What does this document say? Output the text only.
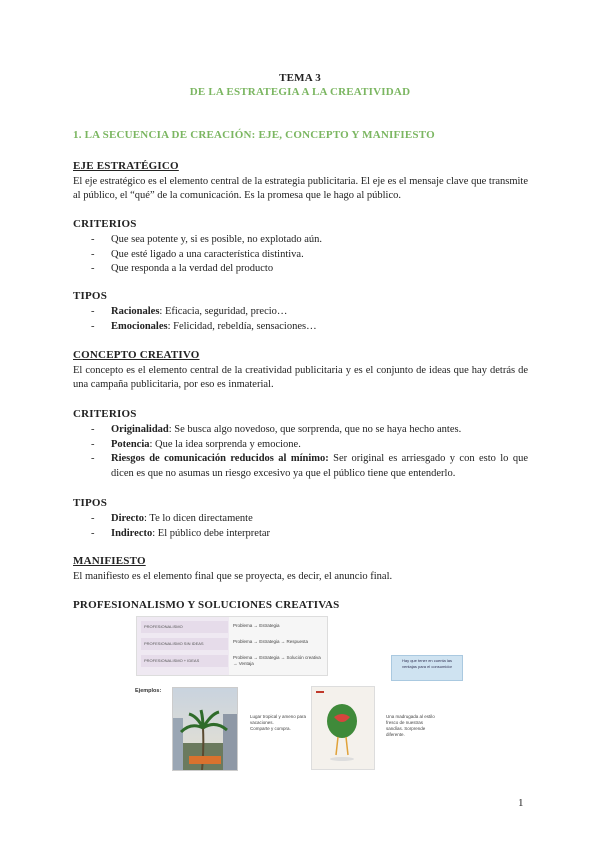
TEMA 3
DE LA ESTRATEGIA A LA CREATIVIDAD
1. LA SECUENCIA DE CREACIÓN: EJE, CONCEPTO Y MANIFIESTO
EJE ESTRATÉGICO
El eje estratégico es el elemento central de la estrategia publicitaria. El eje es el mensaje clave que transmite al público, el “qué” de la comunicación. Es la promesa que le hago al público.
CRITERIOS
- Que sea potente y, si es posible, no explotado aún.
- Que esté ligado a una característica distintiva.
- Que responda a la verdad del producto
TIPOS
- Racionales: Eficacia, seguridad, precio…
- Emocionales: Felicidad, rebeldía, sensaciones…
CONCEPTO CREATIVO
El concepto es el elemento central de la creatividad publicitaria y es el conjunto de ideas que hay detrás de una campaña publicitaria, por eso es inmaterial.
CRITERIOS
- Originalidad: Se busca algo novedoso, que sorprenda, que no se haya hecho antes.
- Potencia: Que la idea sorprenda y emocione.
- Riesgos de comunicación reducidos al mínimo: Ser original es arriesgado y con esto lo que dicen es que no asumas un riesgo excesivo ya que el público tiene que entenderlo.
TIPOS
- Directo: Te lo dicen directamente
- Indirecto: El público debe interpretar
MANIFIESTO
El manifiesto es el elemento final que se proyecta, es decir, el anuncio final.
PROFESIONALISMO Y SOLUCIONES CREATIVAS
PROFESIONALISMO
PROFESIONALISMO SIN IDEAS
PROFESIONALISMO + IDEAS
Problema → Estrategia
Problema → Estrategia → Respuesta
Problema → Estrategia → Solución creativa → Ventaja
Hay que tener en cuenta las ventajas para el consumidor
Ejemplos:
Lugar tropical y ameno para
vacaciones.
Comparte y compra.
Una madrugada al estilo
fresco de nuestras
sandías. Sorprende
diferente.
1
